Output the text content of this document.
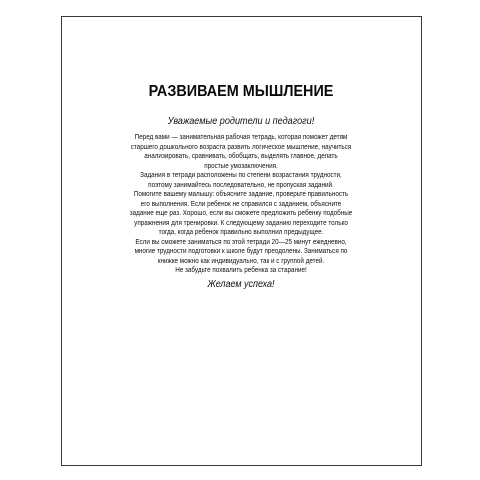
РАЗВИВАЕМ МЫШЛЕНИЕ
Уважаемые родители и педагоги!
Перед вами — занимательная рабочая тетрадь, которая поможет детям
старшего дошкольного возраста развить логическое мышление, научиться
анализировать, сравнивать, обобщать, выделять главное, делать
простые умозаключения.
Задания в тетради расположены по степени возрастания трудности,
поэтому занимайтесь последовательно, не пропуская заданий.
Помогите вашему малышу: объясните задание, проверьте правильность
его выполнения. Если ребенок не справился с заданием, объясните
задание еще раз. Хорошо, если вы сможете предложить ребенку подобные
упражнения для тренировки. К следующему заданию переходите только
тогда, когда ребенок правильно выполнил предыдущее.
Если вы сможете заниматься по этой тетради 20—25 минут ежедневно,
многие трудности подготовки к школе будут преодолены. Заниматься по
книжке можно как индивидуально, так и с группой детей.
Не забудьте похвалить ребенка за старание!
Желаем успеха!
